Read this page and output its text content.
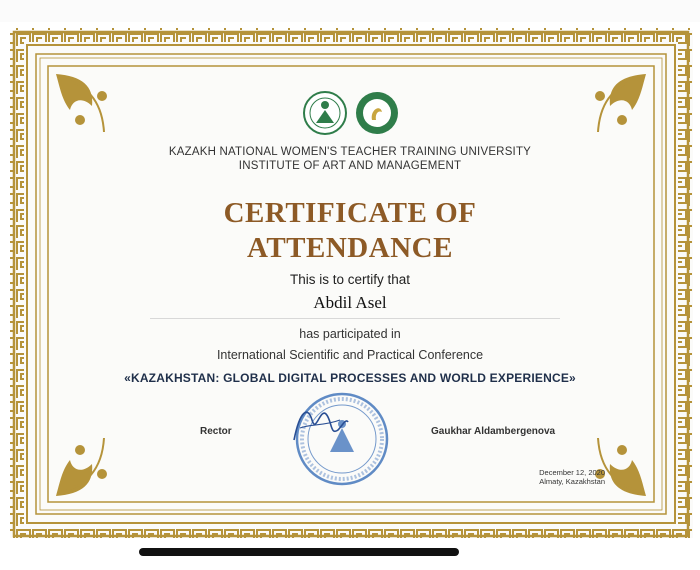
KAZAKH NATIONAL WOMEN'S TEACHER TRAINING UNIVERSITY
INSTITUTE OF ART AND MANAGEMENT
CERTIFICATE OF
ATTENDANCE
This is to certify that
Abdil Asel
has participated in
International Scientific and Practical Conference
«KAZAKHSTAN: GLOBAL DIGITAL PROCESSES AND WORLD EXPERIENCE»
Rector	Gaukhar Aldambergenova
December 12, 2020
Almaty, Kazakhstan
